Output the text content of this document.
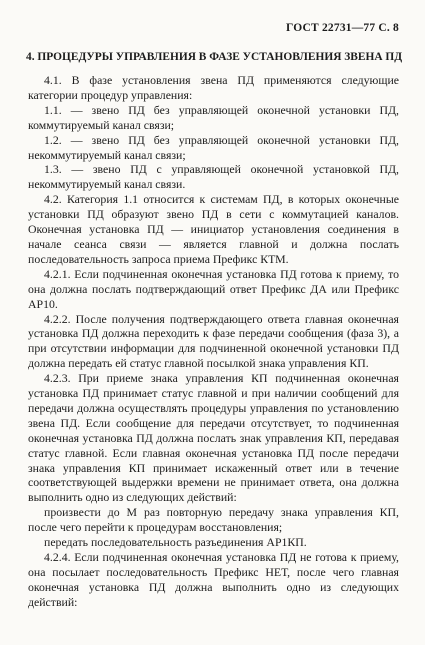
ГОСТ 22731—77 С. 8
4. ПРОЦЕДУРЫ УПРАВЛЕНИЯ В ФАЗЕ УСТАНОВЛЕНИЯ ЗВЕНА ПД

4.1. В фазе установления звена ПД применяются следующие категории процедур управления:

1.1. — звено ПД без управляющей оконечной установки ПД, коммутируемый канал связи;

1.2. — звено ПД без управляющей оконечной установки ПД, некоммутируемый канал связи;

1.3. — звено ПД с управляющей оконечной установкой ПД, некоммутируемый канал связи.

4.2. Категория 1.1 относится к системам ПД, в которых оконечные установки ПД образуют звено ПД в сети с коммутацией каналов. Оконечная установка ПД — инициатор установления соединения в начале сеанса связи — является главной и должна послать последовательность запроса приема Префикс КТМ.

4.2.1. Если подчиненная оконечная установка ПД готова к приему, то она должна послать подтверждающий ответ Префикс ДА или Префикс АР10.

4.2.2. После получения подтверждающего ответа главная оконечная установка ПД должна переходить к фазе передачи сообщения (фаза 3), а при отсутствии информации для подчиненной оконечной установки ПД должна передать ей статус главной посылкой знака управления КП.

4.2.3. При приеме знака управления КП подчиненная оконечная установка ПД принимает статус главной и при наличии сообщений для передачи должна осуществлять процедуры управления по установлению звена ПД. Если сообщение для передачи отсутствует, то подчиненная оконечная установка ПД должна послать знак управления КП, передавая статус главной. Если главная оконечная установка ПД после передачи знака управления КП принимает искаженный ответ или в течение соответствующей выдержки времени не принимает ответа, она должна выполнить одно из следующих действий:

произвести до М раз повторную передачу знака управления КП, после чего перейти к процедурам восстановления;

передать последовательность разъединения АР1КП.

4.2.4. Если подчиненная оконечная установка ПД не готова к приему, она посылает последовательность Префикс НЕТ, после чего главная оконечная установка ПД должна выполнить одно из следующих действий:
